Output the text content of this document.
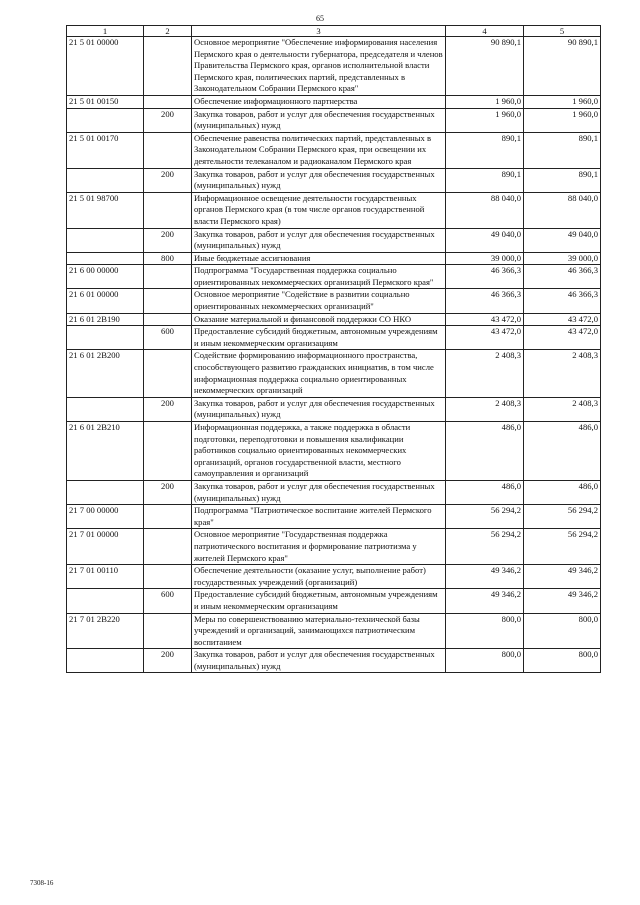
65
1	2	3	4	5
21 5 01 00000		Основное мероприятие "Обеспечение информирования населения Пермского края о деятельности губернатора, председателя и членов Правительства Пермского края, органов исполнительной власти Пермского края, политических партий, представленных в Законодательном Собрании Пермского края"	90 890,1	90 890,1
21 5 01 00150		Обеспечение информационного партнерства	1 960,0	1 960,0
	200	Закупка товаров, работ и услуг для обеспечения государственных (муниципальных) нужд	1 960,0	1 960,0
21 5 01 00170		Обеспечение равенства политических партий, представленных в Законодательном Собрании Пермского края, при освещении их деятельности телеканалом и радиоканалом Пермского края	890,1	890,1
	200	Закупка товаров, работ и услуг для обеспечения государственных (муниципальных) нужд	890,1	890,1
21 5 01 98700		Информационное освещение деятельности государственных органов Пермского края (в том числе органов государственной власти Пермского края)	88 040,0	88 040,0
	200	Закупка товаров, работ и услуг для обеспечения государственных (муниципальных) нужд	49 040,0	49 040,0
	800	Иные бюджетные ассигнования	39 000,0	39 000,0
21 6 00 00000		Подпрограмма "Государственная поддержка социально ориентированных некоммерческих организаций Пермского края"	46 366,3	46 366,3
21 6 01 00000		Основное мероприятие "Содействие в развитии социально ориентированных некоммерческих организаций"	46 366,3	46 366,3
21 6 01 2В190		Оказание материальной и финансовой поддержки СО НКО	43 472,0	43 472,0
	600	Предоставление субсидий бюджетным, автономным учреждениям и иным некоммерческим организациям	43 472,0	43 472,0
21 6 01 2В200		Содействие формированию информационного пространства, способствующего развитию гражданских инициатив, в том числе информационная поддержка социально ориентированных некоммерческих организаций	2 408,3	2 408,3
	200	Закупка товаров, работ и услуг для обеспечения государственных (муниципальных) нужд	2 408,3	2 408,3
21 6 01 2В210		Информационная поддержка, а также поддержка в области подготовки, переподготовки и повышения квалификации работников социально ориентированных некоммерческих организаций, органов государственной власти, местного самоуправления и организаций	486,0	486,0
	200	Закупка товаров, работ и услуг для обеспечения государственных (муниципальных) нужд	486,0	486,0
21 7 00 00000		Подпрограмма "Патриотическое воспитание жителей Пермского края"	56 294,2	56 294,2
21 7 01 00000		Основное мероприятие "Государственная поддержка патриотического воспитания и формирование патриотизма у жителей Пермского края"	56 294,2	56 294,2
21 7 01 00110		Обеспечение деятельности (оказание услуг, выполнение работ) государственных учреждений (организаций)	49 346,2	49 346,2
	600	Предоставление субсидий бюджетным, автономным учреждениям и иным некоммерческим организациям	49 346,2	49 346,2
21 7 01 2В220		Меры по совершенствованию материально-технической базы учреждений и организаций, занимающихся патриотическим воспитанием	800,0	800,0
	200	Закупка товаров, работ и услуг для обеспечения государственных (муниципальных) нужд	800,0	800,0
7308-16
